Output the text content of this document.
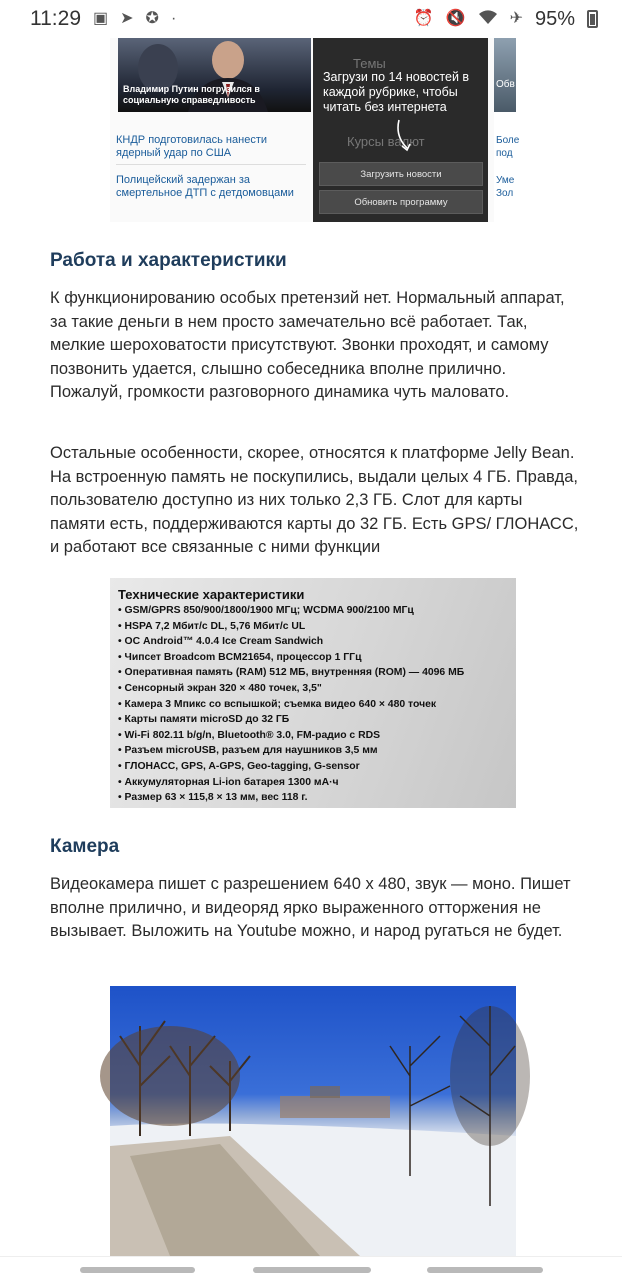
11:29 ▣ ➤ ✪ ·	⏰ 🔇	✈ 95%
Владимир Путин погрузился в социальную справедливость
КНДР подготовилась нанести ядерный удар по США
Полицейский задержан за смертельное ДТП с детдомовцами
Темы
Курсы валют
Загрузи по 14 новостей в каждой рубрике, чтобы читать без интернета
Загрузить новости
Обновить программу
Обв
Боле под
Уме Зол
Работа и характеристики

К функционированию особых претензий нет. Нормальный аппарат, за такие деньги в нем просто замечательно всё работает. Так, мелкие шероховатости присутствуют. Звонки проходят, и самому позвонить удается, слышно собеседника вполне прилично. Пожалуй, громкости разговорного динамика чуть маловато.

Остальные особенности, скорее, относятся к платформе Jelly Bean. На встроенную память не поскупились, выдали целых 4 ГБ. Правда, пользователю доступно из них только 2,3 ГБ. Слот для карты памяти есть, поддерживаются карты до 32 ГБ. Есть GPS/ ГЛОНАСС, и работают все связанные с ними функции

Технические характеристики
• GSM/GPRS 850/900/1800/1900 МГц; WCDMA 900/2100 МГц
• HSPA 7,2 Мбит/с DL, 5,76 Мбит/с UL
• ОС Android™ 4.0.4 Ice Cream Sandwich
• Чипсет Broadcom BCM21654, процессор 1 ГГц
• Оперативная память (RAM) 512 МБ, внутренняя (ROM) — 4096 МБ
• Сенсорный экран 320 × 480 точек, 3,5"
• Камера 3 Мпикс со вспышкой; съемка видео 640 × 480 точек
• Карты памяти microSD до 32 ГБ
• Wi-Fi 802.11 b/g/n, Bluetooth® 3.0, FM-радио с RDS
• Разъем microUSB, разъем для наушников 3,5 мм
• ГЛОНАСС, GPS, A-GPS, Geo-tagging, G-sensor
• Аккумуляторная Li-ion батарея 1300 мА·ч
• Размер 63 × 115,8 × 13 мм, вес 118 г.
Камера

Видеокамера пишет с разрешением 640 х 480, звук — моно. Пишет вполне прилично, и видеоряд ярко выраженного отторжения не вызывает. Выложить на Youtube можно, и народ ругаться не будет.
